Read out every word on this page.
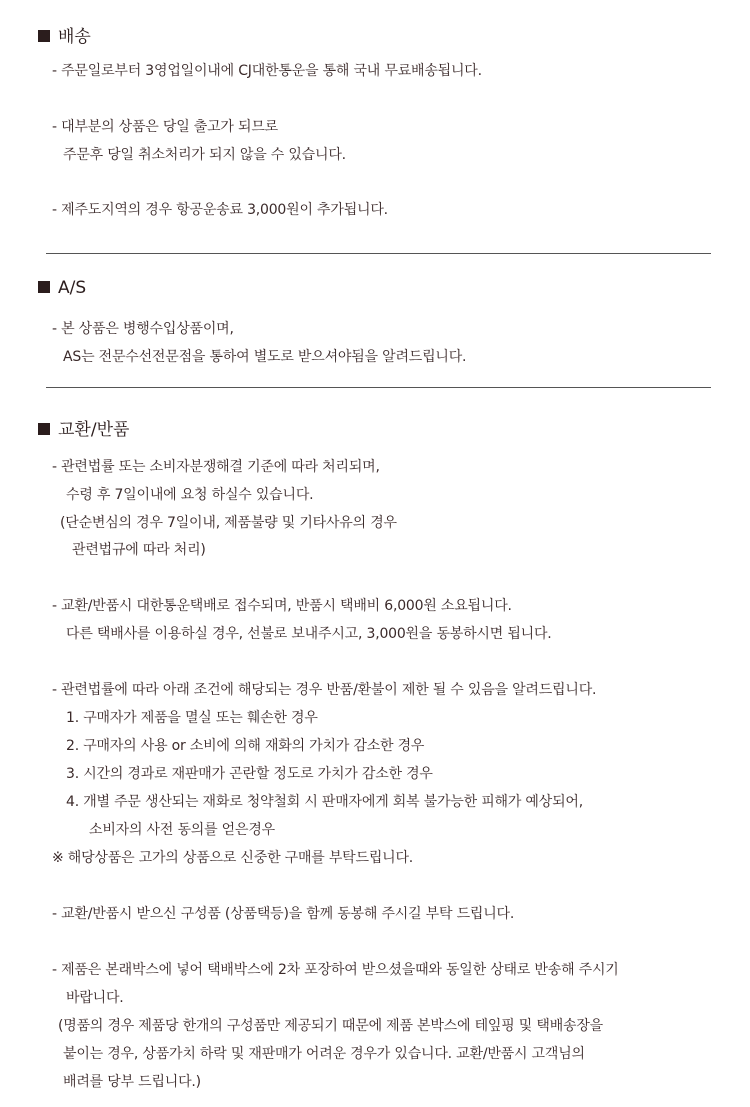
배송
- 주문일로부터 3영업일이내에 CJ대한통운을 통해 국내 무료배송됩니다.
- 대부분의 상품은 당일 출고가 되므로
주문후 당일 취소처리가 되지 않을 수 있습니다.
- 제주도지역의 경우 항공운송료 3,000원이 추가됩니다.
A/S
- 본 상품은 병행수입상품이며,
AS는 전문수선전문점을 통하여 별도로 받으셔야됨을 알려드립니다.
교환/반품
- 관련법률 또는 소비자분쟁해결 기준에 따라 처리되며,
수령 후 7일이내에 요청 하실수 있습니다.
(단순변심의 경우 7일이내, 제품불량 및 기타사유의 경우
관련법규에 따라 처리)
- 교환/반품시 대한통운택배로 접수되며, 반품시 택배비 6,000원 소요됩니다.
다른 택배사를 이용하실 경우, 선불로 보내주시고, 3,000원을 동봉하시면 됩니다.
- 관련법률에 따라 아래 조건에 해당되는 경우 반품/환불이 제한 될 수 있음을 알려드립니다.
1. 구매자가 제품을 멸실 또는 훼손한 경우
2. 구매자의 사용 or 소비에 의해 재화의 가치가 감소한 경우
3. 시간의 경과로 재판매가 곤란할 정도로 가치가 감소한 경우
4. 개별 주문 생산되는 재화로 청약철회 시 판매자에게 회복 불가능한 피해가 예상되어,
소비자의 사전 동의를 얻은경우
※ 해당상품은 고가의 상품으로 신중한 구매를 부탁드립니다.
- 교환/반품시 받으신 구성품 (상품택등)을 함께 동봉해 주시길 부탁 드립니다.
- 제품은 본래박스에 넣어 택배박스에 2차 포장하여 받으셨을때와 동일한 상태로 반송해 주시기
바랍니다.
(명품의 경우 제품당 한개의 구성품만 제공되기 때문에 제품 본박스에 테잎핑 및 택배송장을
붙이는 경우, 상품가치 하락 및 재판매가 어려운 경우가 있습니다. 교환/반품시 고객님의
배려를 당부 드립니다.)
